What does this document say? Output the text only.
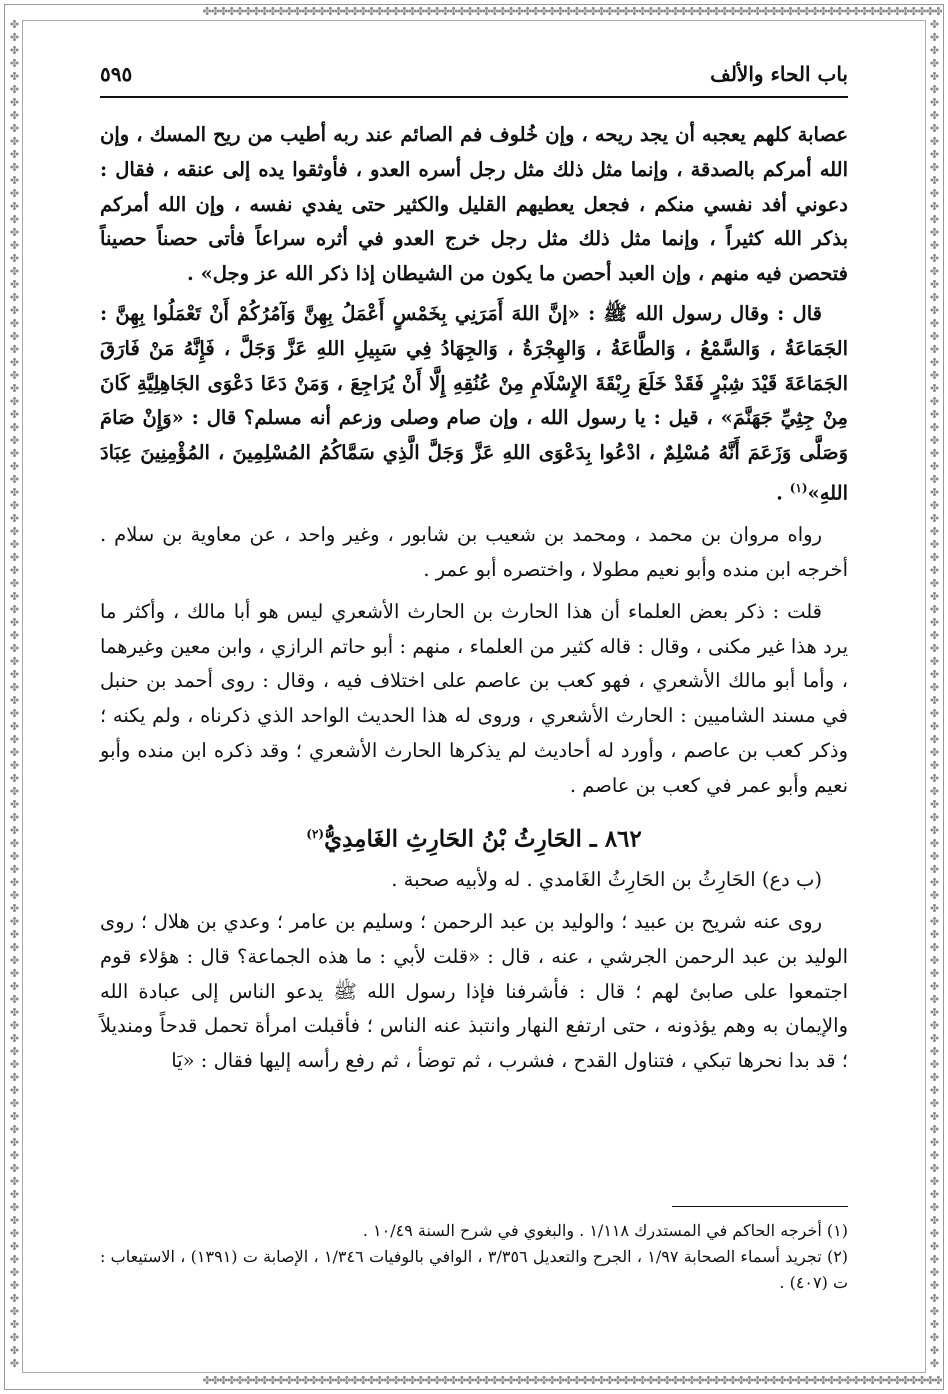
✤✤✤✤✤✤✤✤✤✤✤✤✤✤✤✤✤✤✤✤✤✤✤✤✤✤✤✤✤✤✤✤✤✤✤✤✤✤✤✤✤✤✤✤✤✤✤✤✤✤✤✤✤✤✤✤✤✤✤✤✤✤✤✤✤✤✤✤✤✤✤✤✤✤✤✤✤✤✤✤✤✤✤✤✤✤✤✤✤✤
✤✤✤✤✤✤✤✤✤✤✤✤✤✤✤✤✤✤✤✤✤✤✤✤✤✤✤✤✤✤✤✤✤✤✤✤✤✤✤✤✤✤✤✤✤✤✤✤✤✤✤✤✤✤✤✤✤✤✤✤✤✤✤✤✤✤✤✤✤✤✤✤✤✤✤✤✤✤✤✤✤✤✤✤✤✤✤✤✤✤
✤ ✤ ✤ ✤ ✤ ✤ ✤ ✤ ✤ ✤ ✤ ✤ ✤ ✤ ✤ ✤ ✤ ✤ ✤ ✤ ✤ ✤ ✤ ✤ ✤ ✤ ✤ ✤ ✤ ✤ ✤ ✤ ✤ ✤ ✤ ✤ ✤ ✤ ✤ ✤ ✤ ✤ ✤ ✤ ✤ ✤ ✤ ✤ ✤ ✤ ✤ ✤ ✤ ✤ ✤ ✤ ✤ ✤ ✤ ✤ ✤ ✤ ✤ ✤ ✤ ✤ ✤ ✤ ✤ ✤ ✤ ✤ ✤ ✤ ✤ ✤ ✤ ✤ ✤ ✤ ✤ ✤ ✤ ✤ ✤ ✤ ✤ ✤ ✤ ✤ ✤ ✤ ✤ ✤ ✤ ✤ ✤ ✤ ✤ ✤ ✤ ✤ ✤ ✤
✤ ✤ ✤ ✤ ✤ ✤ ✤ ✤ ✤ ✤ ✤ ✤ ✤ ✤ ✤ ✤ ✤ ✤ ✤ ✤ ✤ ✤ ✤ ✤ ✤ ✤ ✤ ✤ ✤ ✤ ✤ ✤ ✤ ✤ ✤ ✤ ✤ ✤ ✤ ✤ ✤ ✤ ✤ ✤ ✤ ✤ ✤ ✤ ✤ ✤ ✤ ✤ ✤ ✤ ✤ ✤ ✤ ✤ ✤ ✤ ✤ ✤ ✤ ✤ ✤ ✤ ✤ ✤ ✤ ✤ ✤ ✤ ✤ ✤ ✤ ✤ ✤ ✤ ✤ ✤ ✤ ✤ ✤ ✤ ✤ ✤ ✤ ✤ ✤ ✤ ✤ ✤ ✤ ✤ ✤ ✤ ✤ ✤ ✤ ✤ ✤ ✤ ✤ ✤
باب الحاء والألف
٥٩٥

عصابة كلهم يعجبه أن يجد ريحه ، وإن خُلوف فم الصائم عند ربه أطيب من ريح المسك ، وإن الله أمركم بالصدقة ، وإنما مثل ذلك مثل رجل أسره العدو ، فأوثقوا يده إلى عنقه ، فقال : دعوني أفد نفسي منكم ، فجعل يعطيهم القليل والكثير حتى يفدي نفسه ، وإن الله أمركم بذكر الله كثيراً ، وإنما مثل ذلك مثل رجل خرج العدو في أثره سراعاً فأتى حصناً حصيناً فتحصن فيه منهم ، وإن العبد أحصن ما يكون من الشيطان إذا ذكر الله عز وجل» .

قال : وقال رسول الله ﷺ : «إنَّ اللهَ أَمَرَنِي بِخَمْسٍ أَعْمَلُ بِهِنَّ وَآمُرُكُمْ أَنْ تَعْمَلُوا بِهِنَّ : الجَمَاعَةُ ، وَالسَّمْعُ ، وَالطَّاعَةُ ، وَالهِجْرَةُ ، وَالجِهَادُ فِي سَبِيلِ اللهِ عَزَّ وَجَلَّ ، فَإِنَّهُ مَنْ فَارَقَ الجَمَاعَةَ قَيْدَ شِبْرٍ فَقَدْ خَلَعَ رِبْقَةَ الإِسْلَامِ مِنْ عُنُقِهِ إِلَّا أَنْ يُرَاجِعَ ، وَمَنْ دَعَا دَعْوَى الجَاهِلِيَّةِ كَانَ مِنْ جِثِيِّ جَهَنَّمَ» ، قيل : يا رسول الله ، وإن صام وصلى وزعم أنه مسلم؟ قال : «وَإِنْ صَامَ وَصَلَّى وَزَعَمَ أَنَّهُ مُسْلِمٌ ، ادْعُوا بِدَعْوَى اللهِ عَزَّ وَجَلَّ الَّذِي سَمَّاكُمُ المُسْلِمِينَ ، المُؤْمِنِينَ عِبَادَ اللهِ»$^{(١)}$ .

رواه مروان بن محمد ، ومحمد بن شعيب بن شابور ، وغير واحد ، عن معاوية بن سلام . أخرجه ابن منده وأبو نعيم مطولا ، واختصره أبو عمر .

قلت : ذكر بعض العلماء أن هذا الحارث بن الحارث الأشعري ليس هو أبا مالك ، وأكثر ما يرد هذا غير مكنى ، وقال : قاله كثير من العلماء ، منهم : أبو حاتم الرازي ، وابن معين وغيرهما ، وأما أبو مالك الأشعري ، فهو كعب بن عاصم على اختلاف فيه ، وقال : روى أحمد بن حنبل في مسند الشاميين : الحارث الأشعري ، وروى له هذا الحديث الواحد الذي ذكرناه ، ولم يكنه ؛ وذكر كعب بن عاصم ، وأورد له أحاديث لم يذكرها الحارث الأشعري ؛ وقد ذكره ابن منده وأبو نعيم وأبو عمر في كعب بن عاصم .

٨٦٢ ـ الحَارِثُ بْنُ الحَارِثِ الغَامِدِيُّ$^{(٢)}$

(ب دع) الحَارِثُ بن الحَارِثُ الغَامدي . له ولأبيه صحبة .

روى عنه شريح بن عبيد ؛ والوليد بن عبد الرحمن ؛ وسليم بن عامر ؛ وعدي بن هلال ؛ روى الوليد بن عبد الرحمن الجرشي ، عنه ، قال : «قلت لأبي : ما هذه الجماعة؟ قال : هؤلاء قوم اجتمعوا على صابئ لهم ؛ قال : فأشرفنا فإذا رسول الله ﷺ يدعو الناس إلى عبادة الله والإيمان به وهم يؤذونه ، حتى ارتفع النهار وانتبذ عنه الناس ؛ فأقبلت امرأة تحمل قدحاً ومنديلاً ؛ قد بدا نحرها تبكي ، فتناول القدح ، فشرب ، ثم توضأ ، ثم رفع رأسه إليها فقال : «يَا

(١) أخرجه الحاكم في المستدرك ١/١١٨ . والبغوي في شرح السنة ١٠/٤٩ .

(٢) تجريد أسماء الصحابة ١/٩٧ ، الجرح والتعديل ٣/٣٥٦ ، الوافي بالوفيات ١/٣٤٦ ، الإصابة ت (١٣٩١) ، الاستيعاب : ت (٤٠٧) .
